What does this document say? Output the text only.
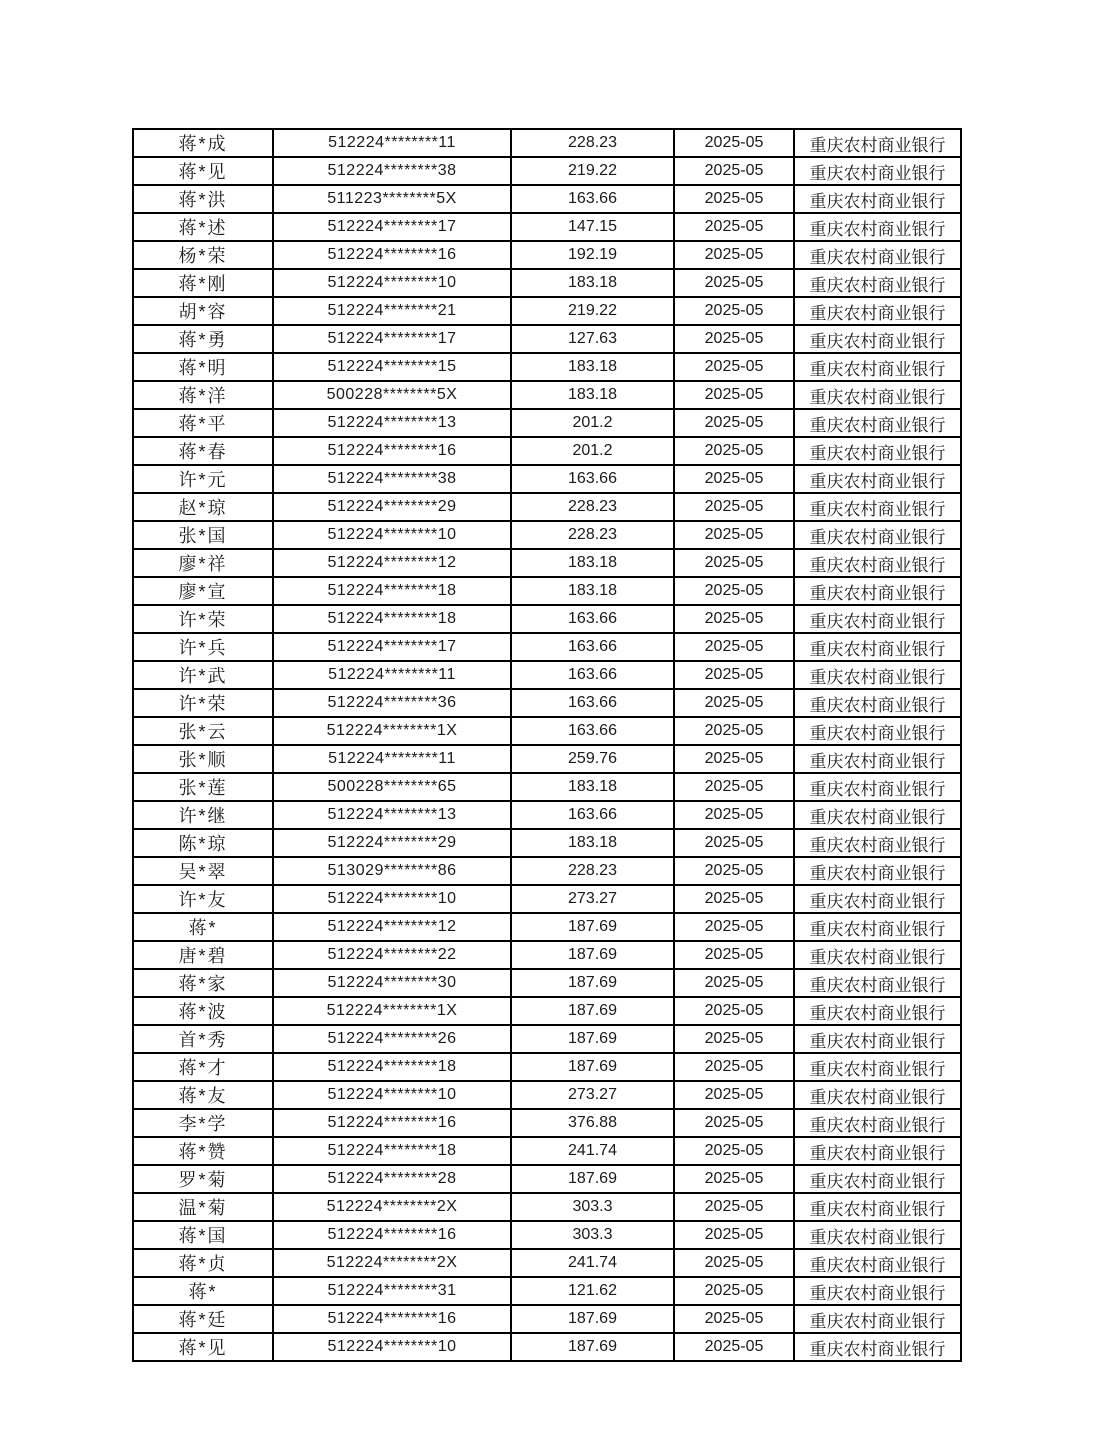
蒋*成	512224********11	228.23	2025-05	重庆农村商业银行
蒋*见	512224********38	219.22	2025-05	重庆农村商业银行
蒋*洪	511223********5X	163.66	2025-05	重庆农村商业银行
蒋*述	512224********17	147.15	2025-05	重庆农村商业银行
杨*荣	512224********16	192.19	2025-05	重庆农村商业银行
蒋*刚	512224********10	183.18	2025-05	重庆农村商业银行
胡*容	512224********21	219.22	2025-05	重庆农村商业银行
蒋*勇	512224********17	127.63	2025-05	重庆农村商业银行
蒋*明	512224********15	183.18	2025-05	重庆农村商业银行
蒋*洋	500228********5X	183.18	2025-05	重庆农村商业银行
蒋*平	512224********13	201.2	2025-05	重庆农村商业银行
蒋*春	512224********16	201.2	2025-05	重庆农村商业银行
许*元	512224********38	163.66	2025-05	重庆农村商业银行
赵*琼	512224********29	228.23	2025-05	重庆农村商业银行
张*国	512224********10	228.23	2025-05	重庆农村商业银行
廖*祥	512224********12	183.18	2025-05	重庆农村商业银行
廖*宣	512224********18	183.18	2025-05	重庆农村商业银行
许*荣	512224********18	163.66	2025-05	重庆农村商业银行
许*兵	512224********17	163.66	2025-05	重庆农村商业银行
许*武	512224********11	163.66	2025-05	重庆农村商业银行
许*荣	512224********36	163.66	2025-05	重庆农村商业银行
张*云	512224********1X	163.66	2025-05	重庆农村商业银行
张*顺	512224********11	259.76	2025-05	重庆农村商业银行
张*莲	500228********65	183.18	2025-05	重庆农村商业银行
许*继	512224********13	163.66	2025-05	重庆农村商业银行
陈*琼	512224********29	183.18	2025-05	重庆农村商业银行
吴*翠	513029********86	228.23	2025-05	重庆农村商业银行
许*友	512224********10	273.27	2025-05	重庆农村商业银行
蒋*	512224********12	187.69	2025-05	重庆农村商业银行
唐*碧	512224********22	187.69	2025-05	重庆农村商业银行
蒋*家	512224********30	187.69	2025-05	重庆农村商业银行
蒋*波	512224********1X	187.69	2025-05	重庆农村商业银行
首*秀	512224********26	187.69	2025-05	重庆农村商业银行
蒋*才	512224********18	187.69	2025-05	重庆农村商业银行
蒋*友	512224********10	273.27	2025-05	重庆农村商业银行
李*学	512224********16	376.88	2025-05	重庆农村商业银行
蒋*赞	512224********18	241.74	2025-05	重庆农村商业银行
罗*菊	512224********28	187.69	2025-05	重庆农村商业银行
温*菊	512224********2X	303.3	2025-05	重庆农村商业银行
蒋*国	512224********16	303.3	2025-05	重庆农村商业银行
蒋*贞	512224********2X	241.74	2025-05	重庆农村商业银行
蒋*	512224********31	121.62	2025-05	重庆农村商业银行
蒋*廷	512224********16	187.69	2025-05	重庆农村商业银行
蒋*见	512224********10	187.69	2025-05	重庆农村商业银行
